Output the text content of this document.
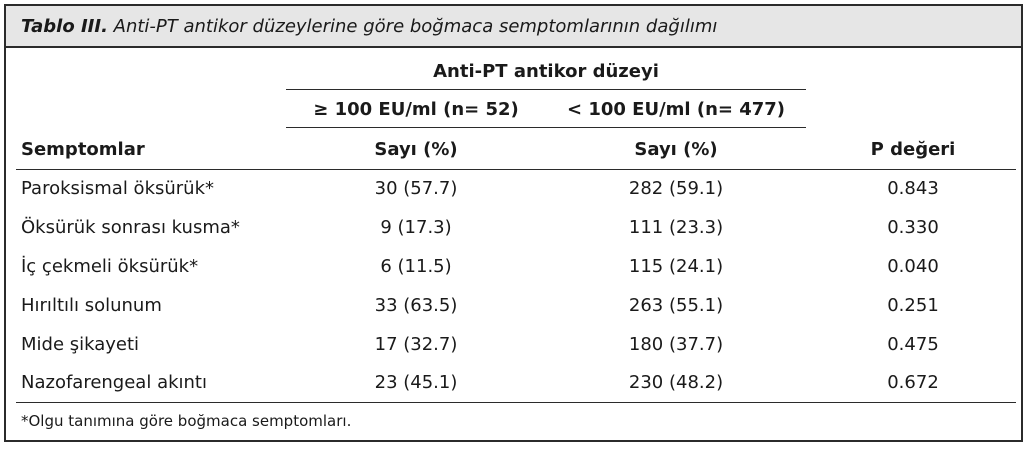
Tablo III. Anti-PT antikor düzeylerine göre boğmaca semptomlarının dağılımı
Anti-PT antikor düzeyi
≥ 100 EU/ml (n= 52)	< 100 EU/ml (n= 477)
Semptomlar	Sayı (%)	Sayı (%)	P değeri
Paroksismal öksürük*	30 (57.7)	282 (59.1)	0.843
Öksürük sonrası kusma*	9 (17.3)	111 (23.3)	0.330
İç çekmeli öksürük*	6 (11.5)	115 (24.1)	0.040
Hırıltılı solunum	33 (63.5)	263 (55.1)	0.251
Mide şikayeti	17 (32.7)	180 (37.7)	0.475
Nazofarengeal akıntı	23 (45.1)	230 (48.2)	0.672
*Olgu tanımına göre boğmaca semptomları.
